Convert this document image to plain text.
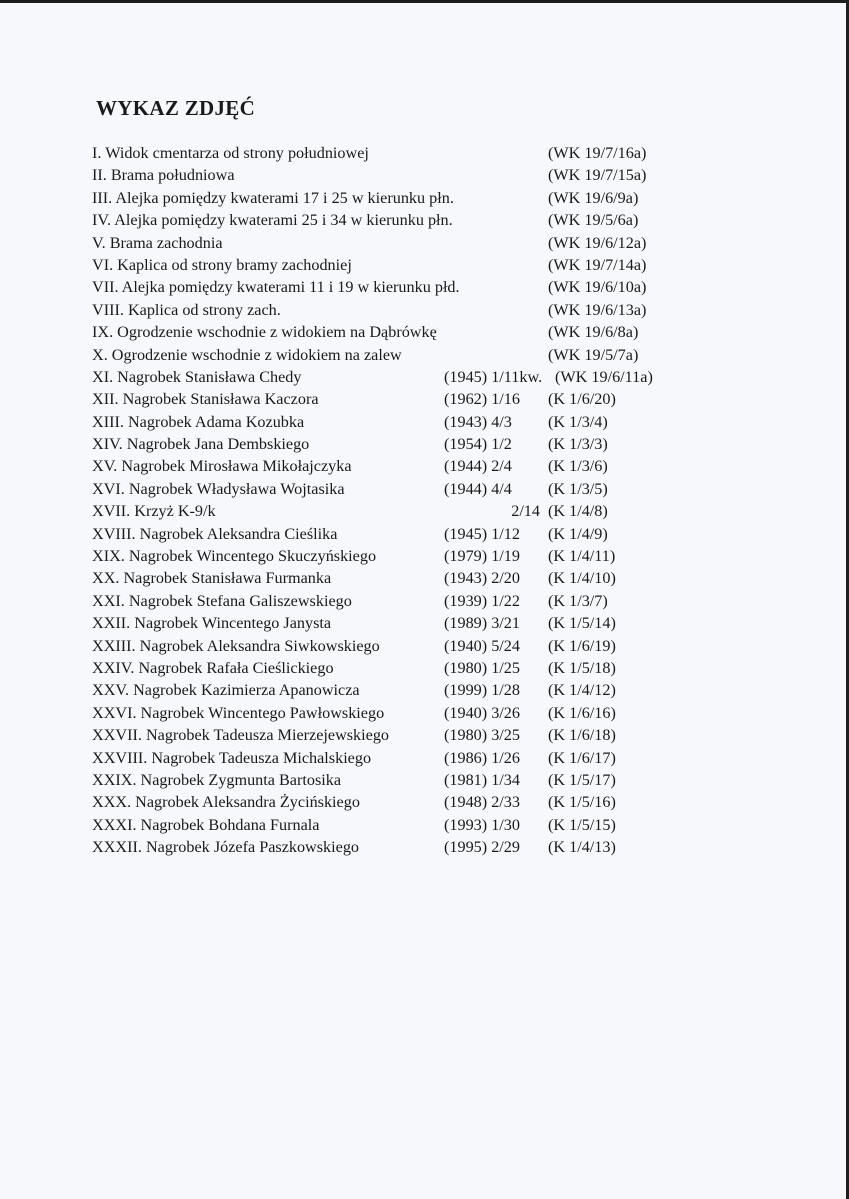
WYKAZ ZDJĘĆ
I. Widok cmentarza od strony południowej	(WK 19/7/16a)
II. Brama południowa	(WK 19/7/15a)
III. Alejka pomiędzy kwaterami 17 i 25 w kierunku płn.	(WK 19/6/9a)
IV. Alejka pomiędzy kwaterami 25 i 34 w kierunku płn.	(WK 19/5/6a)
V. Brama zachodnia	(WK 19/6/12a)
VI. Kaplica od strony bramy zachodniej	(WK 19/7/14a)
VII. Alejka pomiędzy kwaterami 11 i 19 w kierunku płd.	(WK 19/6/10a)
VIII. Kaplica od strony zach.	(WK 19/6/13a)
IX. Ogrodzenie wschodnie z widokiem na Dąbrówkę	(WK 19/6/8a)
X. Ogrodzenie wschodnie z widokiem na zalew	(WK 19/5/7a)
XI. Nagrobek Stanisława Chedy	(1945) 1/11kw. (WK 19/6/11a)
XII. Nagrobek Stanisława Kaczora	(1962) 1/16 (K 1/6/20)
XIII. Nagrobek Adama Kozubka	(1943) 4/3 (K 1/3/4)
XIV. Nagrobek Jana Dembskiego	(1954) 1/2 (K 1/3/3)
XV. Nagrobek Mirosława Mikołajczyka	(1944) 2/4 (K 1/3/6)
XVI. Nagrobek Władysława Wojtasika	(1944) 4/4 (K 1/3/5)
XVII. Krzyż K-9/k	2/14 (K 1/4/8)
XVIII. Nagrobek Aleksandra Cieślika	(1945) 1/12 (K 1/4/9)
XIX. Nagrobek Wincentego Skuczyńskiego	(1979) 1/19 (K 1/4/11)
XX. Nagrobek Stanisława Furmanka	(1943) 2/20 (K 1/4/10)
XXI. Nagrobek Stefana Galiszewskiego	(1939) 1/22 (K 1/3/7)
XXII. Nagrobek Wincentego Janysta	(1989) 3/21 (K 1/5/14)
XXIII. Nagrobek Aleksandra Siwkowskiego	(1940) 5/24 (K 1/6/19)
XXIV. Nagrobek Rafała Cieślickiego	(1980) 1/25 (K 1/5/18)
XXV. Nagrobek Kazimierza Apanowicza	(1999) 1/28 (K 1/4/12)
XXVI. Nagrobek Wincentego Pawłowskiego	(1940) 3/26 (K 1/6/16)
XXVII. Nagrobek Tadeusza Mierzejewskiego	(1980) 3/25 (K 1/6/18)
XXVIII. Nagrobek Tadeusza Michalskiego	(1986) 1/26 (K 1/6/17)
XXIX. Nagrobek Zygmunta Bartosika	(1981) 1/34 (K 1/5/17)
XXX. Nagrobek Aleksandra Życińskiego	(1948) 2/33 (K 1/5/16)
XXXI. Nagrobek Bohdana Furnala	(1993) 1/30 (K 1/5/15)
XXXII. Nagrobek Józefa Paszkowskiego	(1995) 2/29 (K 1/4/13)
